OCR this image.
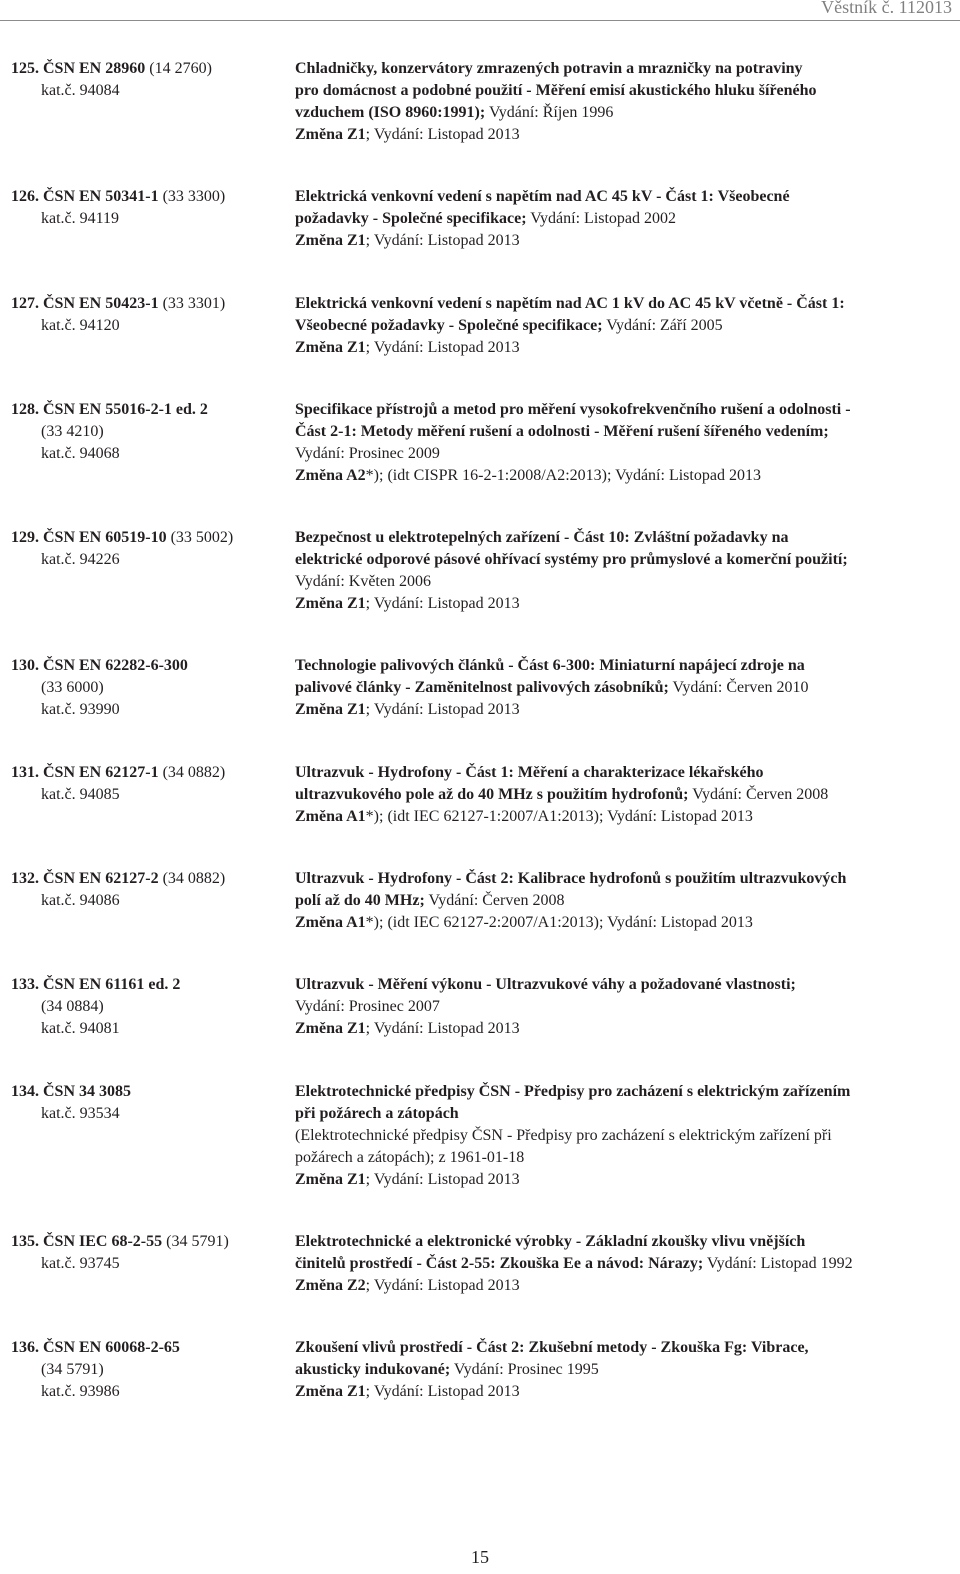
Věstník č. 112013
125. ČSN EN 28960 (14 2760)
kat.č. 94084
Chladničky, konzervátory zmrazených potravin a mrazničky na potraviny
pro domácnost a podobné použití - Měření emisí akustického hluku šířeného
vzduchem (ISO 8960:1991); Vydání: Říjen 1996
Změna Z1; Vydání: Listopad 2013
126. ČSN EN 50341-1 (33 3300)
kat.č. 94119
Elektrická venkovní vedení s napětím nad AC 45 kV - Část 1: Všeobecné
požadavky - Společné specifikace; Vydání: Listopad 2002
Změna Z1; Vydání: Listopad 2013
127. ČSN EN 50423-1 (33 3301)
kat.č. 94120
Elektrická venkovní vedení s napětím nad AC 1 kV do AC 45 kV včetně - Část 1:
Všeobecné požadavky - Společné specifikace; Vydání: Září 2005
Změna Z1; Vydání: Listopad 2013
128. ČSN EN 55016-2-1 ed. 2
(33 4210)
kat.č. 94068
Specifikace přístrojů a metod pro měření vysokofrekvenčního rušení a odolnosti -
Část 2-1: Metody měření rušení a odolnosti - Měření rušení šířeného vedením;
Vydání: Prosinec 2009
Změna A2*); (idt CISPR 16-2-1:2008/A2:2013); Vydání: Listopad 2013
129. ČSN EN 60519-10 (33 5002)
kat.č. 94226
Bezpečnost u elektrotepelných zařízení - Část 10: Zvláštní požadavky na
elektrické odporové pásové ohřívací systémy pro průmyslové a komerční použití;
Vydání: Květen 2006
Změna Z1; Vydání: Listopad 2013
130. ČSN EN 62282-6-300
(33 6000)
kat.č. 93990
Technologie palivových článků - Část 6-300: Miniaturní napájecí zdroje na
palivové články - Zaměnitelnost palivových zásobníků; Vydání: Červen 2010
Změna Z1; Vydání: Listopad 2013
131. ČSN EN 62127-1 (34 0882)
kat.č. 94085
Ultrazvuk - Hydrofony - Část 1: Měření a charakterizace lékařského
ultrazvukového pole až do 40 MHz s použitím hydrofonů; Vydání: Červen 2008
Změna A1*); (idt IEC 62127-1:2007/A1:2013); Vydání: Listopad 2013
132. ČSN EN 62127-2 (34 0882)
kat.č. 94086
Ultrazvuk - Hydrofony - Část 2: Kalibrace hydrofonů s použitím ultrazvukových
polí až do 40 MHz; Vydání: Červen 2008
Změna A1*); (idt IEC 62127-2:2007/A1:2013); Vydání: Listopad 2013
133. ČSN EN 61161 ed. 2
(34 0884)
kat.č. 94081
Ultrazvuk - Měření výkonu - Ultrazvukové váhy a požadované vlastnosti;
Vydání: Prosinec 2007
Změna Z1; Vydání: Listopad 2013
134. ČSN 34 3085
kat.č. 93534
Elektrotechnické předpisy ČSN - Předpisy pro zacházení s elektrickým zařízením
při požárech a zátopách
(Elektrotechnické předpisy ČSN - Předpisy pro zacházení s elektrickým zařízení při
požárech a zátopách); z 1961-01-18
Změna Z1; Vydání: Listopad 2013
135. ČSN IEC 68-2-55 (34 5791)
kat.č. 93745
Elektrotechnické a elektronické výrobky - Základní zkoušky vlivu vnějších
činitelů prostředí - Část 2-55: Zkouška Ee a návod: Nárazy; Vydání: Listopad 1992
Změna Z2; Vydání: Listopad 2013
136. ČSN EN 60068-2-65
(34 5791)
kat.č. 93986
Zkoušení vlivů prostředí - Část 2: Zkušební metody - Zkouška Fg: Vibrace,
akusticky indukované; Vydání: Prosinec 1995
Změna Z1; Vydání: Listopad 2013
15
